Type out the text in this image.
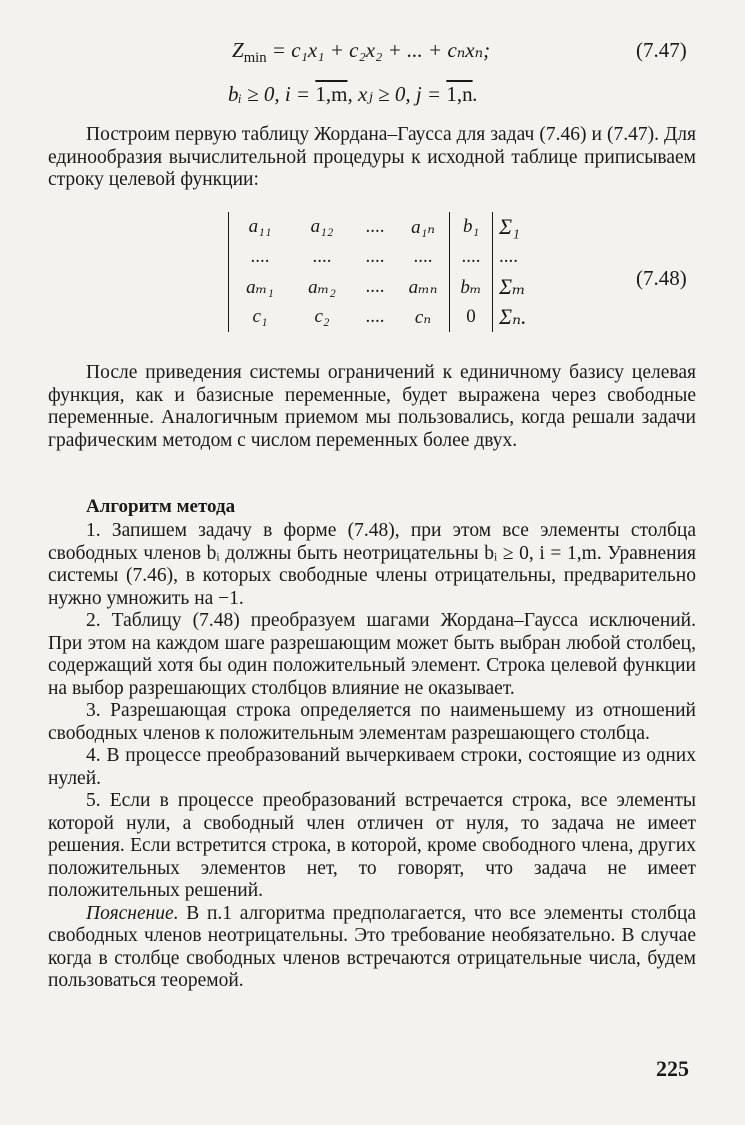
$Z_{min} = c_1x_1 + c_2x_2$ + ... + cₙxₙ;	(7.47)
bᵢ ≥ 0, i = 1,m, xⱼ ≥ 0, j = 1,n.

Построим первую таблицу Жордана–Гаусса для задач (7.46) и (7.47). Для единообразия вычислительной процедуры к исходной таблице приписываем строку целевой функции:

a₁₁	a₁₂	....	a₁ₙ	b₁	Σ₁
....	....	....	....	....	....
aₘ₁	aₘ₂	....	aₘₙ	bₘ	Σₘ
c₁	c₂	....	cₙ	0	Σₙ.
(7.48)

После приведения системы ограничений к единичному базису целевая функция, как и базисные переменные, будет выражена через свободные переменные. Аналогичным приемом мы пользовались, когда решали задачи графическим методом с числом переменных более двух.

Алгоритм метода

1. Запишем задачу в форме (7.48), при этом все элементы столбца свободных членов bᵢ должны быть неотрицательны bᵢ ≥ 0, i = 1,m. Уравнения системы (7.46), в которых свободные члены отрицательны, предварительно нужно умножить на −1.

2. Таблицу (7.48) преобразуем шагами Жордана–Гаусса исключений. При этом на каждом шаге разрешающим может быть выбран любой столбец, содержащий хотя бы один положительный элемент. Строка целевой функции на выбор разрешающих столбцов влияние не оказывает.

3. Разрешающая строка определяется по наименьшему из отношений свободных членов к положительным элементам разрешающего столбца.

4. В процессе преобразований вычеркиваем строки, состоящие из одних нулей.

5. Если в процессе преобразований встречается строка, все элементы которой нули, а свободный член отличен от нуля, то задача не имеет решения. Если встретится строка, в которой, кроме свободного члена, других положительных элементов нет, то говорят, что задача не имеет положительных решений.

Пояснение. В п.1 алгоритма предполагается, что все элементы столбца свободных членов неотрицательны. Это требование необязательно. В случае когда в столбце свободных членов встречаются отрицательные числа, будем пользоваться теоремой.

225
